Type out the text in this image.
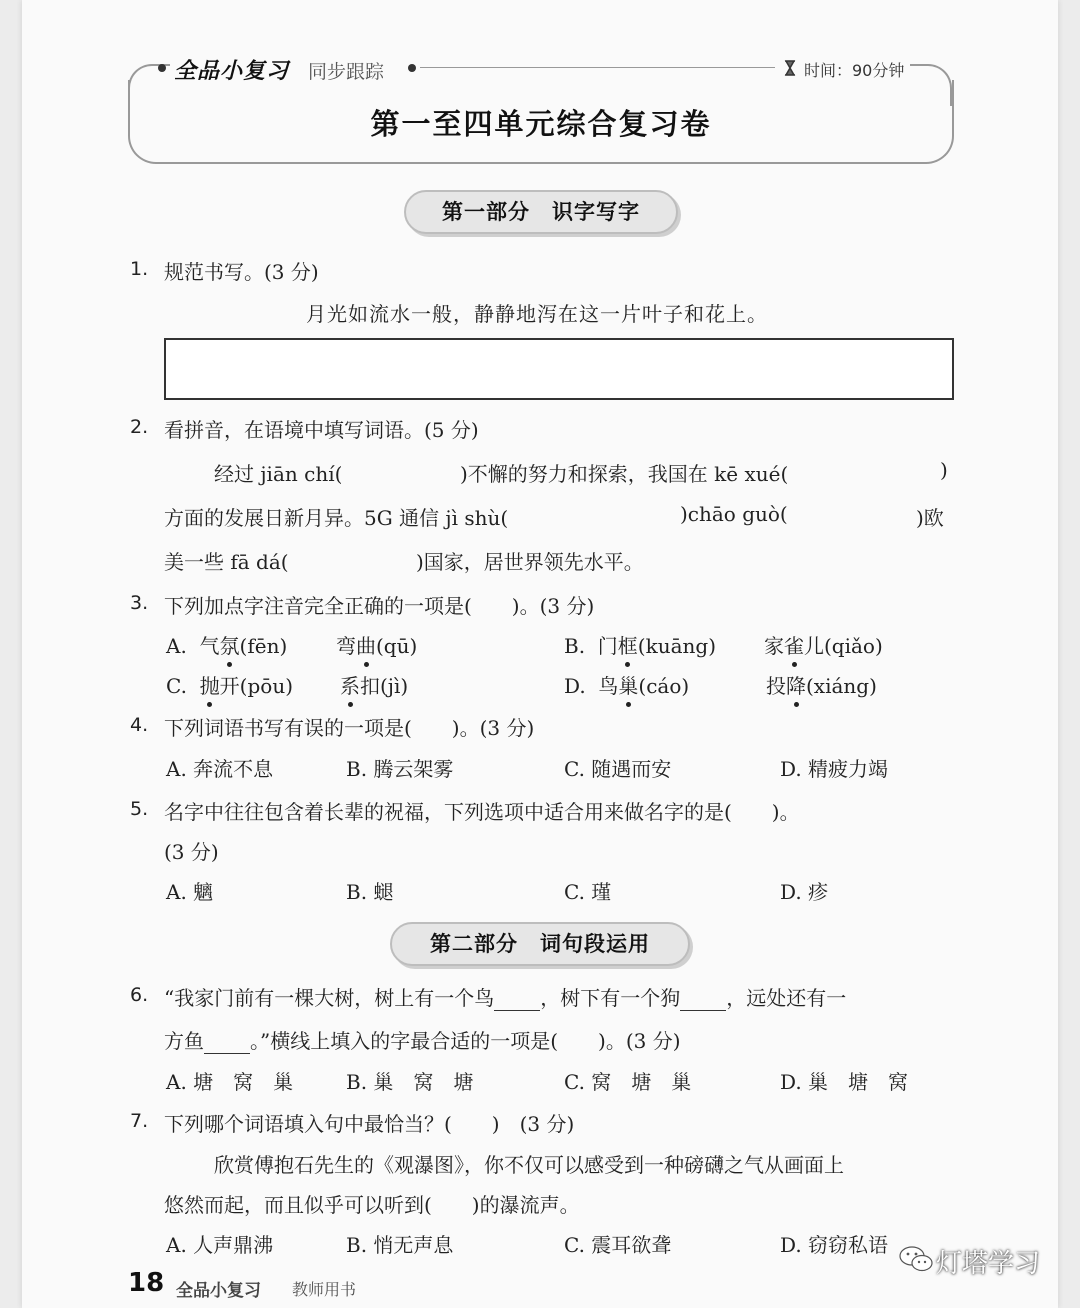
全品小复习 同步跟踪	时间：90分钟
第一至四单元综合复习卷
第一部分　识字写字
1. 规范书写。(3 分)
月光如流水一般，静静地泻在这一片叶子和花上。
2. 看拼音，在语境中填写词语。(5 分)
经过 jiān chí(	)不懈的努力和探索，我国在 kē xué(	)
方面的发展日新月异。5G 通信 jì shù(	)chāo guò(	)欧
美一些 fā dá(	)国家，居世界领先水平。
3. 下列加点字注音完全正确的一项是(　　)。(3 分)
A. 气氛(fēn) 弯曲(qū)	B. 门框(kuāng) 家雀儿(qiǎo)
C. 抛开(pōu) 系扣(jì)	D. 鸟巢(cáo)	投降(xiáng)
4. 下列词语书写有误的一项是(　　)。(3 分)
A. 奔流不息	B. 腾云架雾	C. 随遇而安	D. 精疲力竭
5. 名字中往往包含着长辈的祝福，下列选项中适合用来做名字的是(　　)。
(3 分)
A. 魑	B. 螁	C. 瑾	D. 疹
第二部分　词句段运用
6. “我家门前有一棵大树，树上有一个鸟 ，树下有一个狗 ，远处还有一
方鱼 。”横线上填入的字最合适的一项是(　　)。(3 分)
A. 塘　窝　巢	B. 巢　窝　塘	C. 窝　塘　巢	D. 巢　塘　窝
7. 下列哪个词语填入句中最恰当？(　　)　(3 分)
欣赏傅抱石先生的《观瀑图》，你不仅可以感受到一种磅礴之气从画面上
悠然而起，而且似乎可以听到(　　)的瀑流声。
A. 人声鼎沸	B. 悄无声息	C. 震耳欲聋	D. 窃窃私语
18 全品小复习 教师用书
灯塔学习
